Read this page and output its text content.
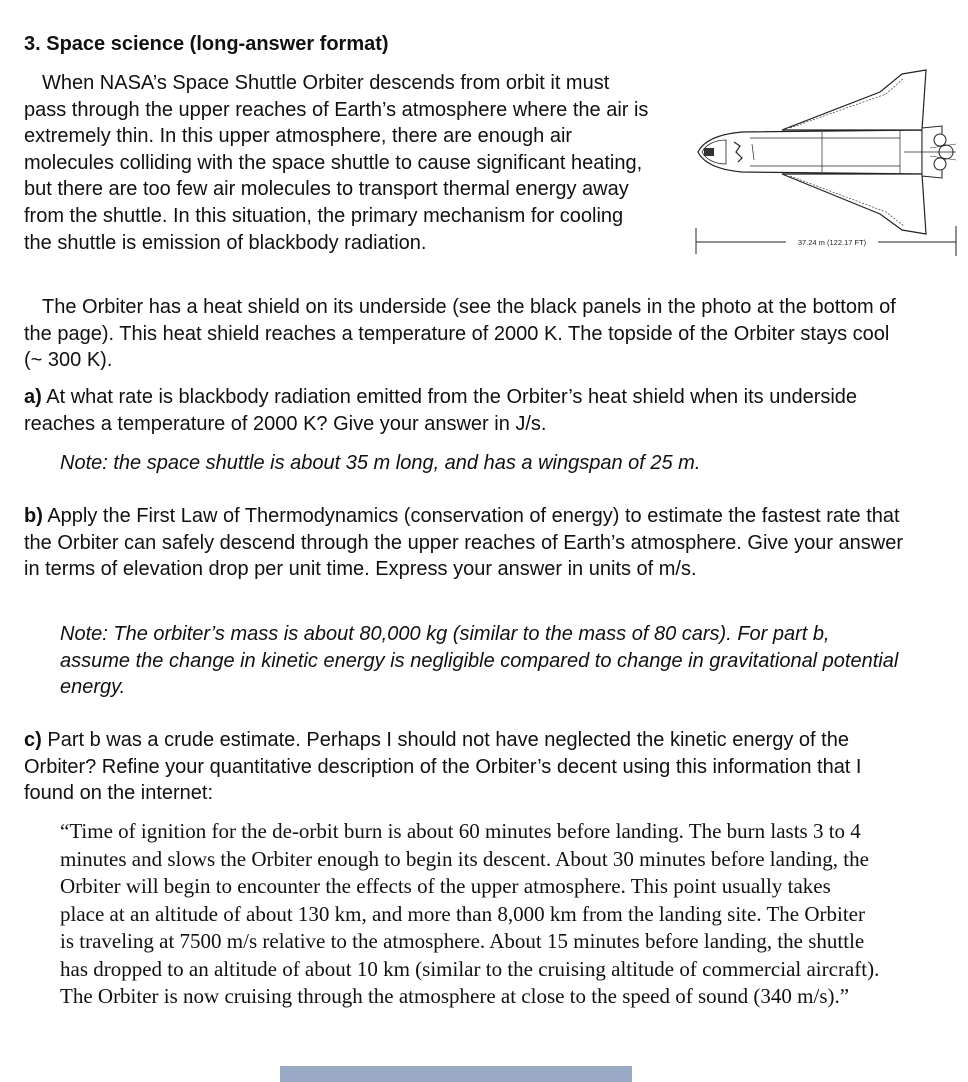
3. Space science (long-answer format)

When NASA’s Space Shuttle Orbiter descends from orbit it must pass through the upper reaches of Earth’s atmosphere where the air is extremely thin. In this upper atmosphere, there are enough air molecules colliding with the space shuttle to cause significant heating, but there are too few air molecules to transport thermal energy away from the shuttle. In this situation, the primary mechanism for cooling the shuttle is emission of blackbody radiation.	37.24 m (122.17 FT)

The Orbiter has a heat shield on its underside (see the black panels in the photo at the bottom of the page). This heat shield reaches a temperature of 2000 K. The topside of the Orbiter stays cool (~ 300 K).

a) At what rate is blackbody radiation emitted from the Orbiter’s heat shield when its underside reaches a temperature of 2000 K? Give your answer in J/s.

Note: the space shuttle is about 35 m long, and has a wingspan of 25 m.

b) Apply the First Law of Thermodynamics (conservation of energy) to estimate the fastest rate that the Orbiter can safely descend through the upper reaches of Earth’s atmosphere. Give your answer in terms of elevation drop per unit time. Express your answer in units of m/s.

Note: The orbiter’s mass is about 80,000 kg (similar to the mass of 80 cars). For part b, assume the change in kinetic energy is negligible compared to change in gravitational potential energy.

c) Part b was a crude estimate. Perhaps I should not have neglected the kinetic energy of the Orbiter? Refine your quantitative description of the Orbiter’s decent using this information that I found on the internet:

“Time of ignition for the de-orbit burn is about 60 minutes before landing. The burn lasts 3 to 4 minutes and slows the Orbiter enough to begin its descent. About 30 minutes before landing, the Orbiter will begin to encounter the effects of the upper atmosphere. This point usually takes place at an altitude of about 130 km, and more than 8,000 km from the landing site. The Orbiter is traveling at 7500 m/s relative to the atmosphere. About 15 minutes before landing, the shuttle has dropped to an altitude of about 10 km (similar to the cruising altitude of commercial aircraft). The Orbiter is now cruising through the atmosphere at close to the speed of sound (340 m/s).”
